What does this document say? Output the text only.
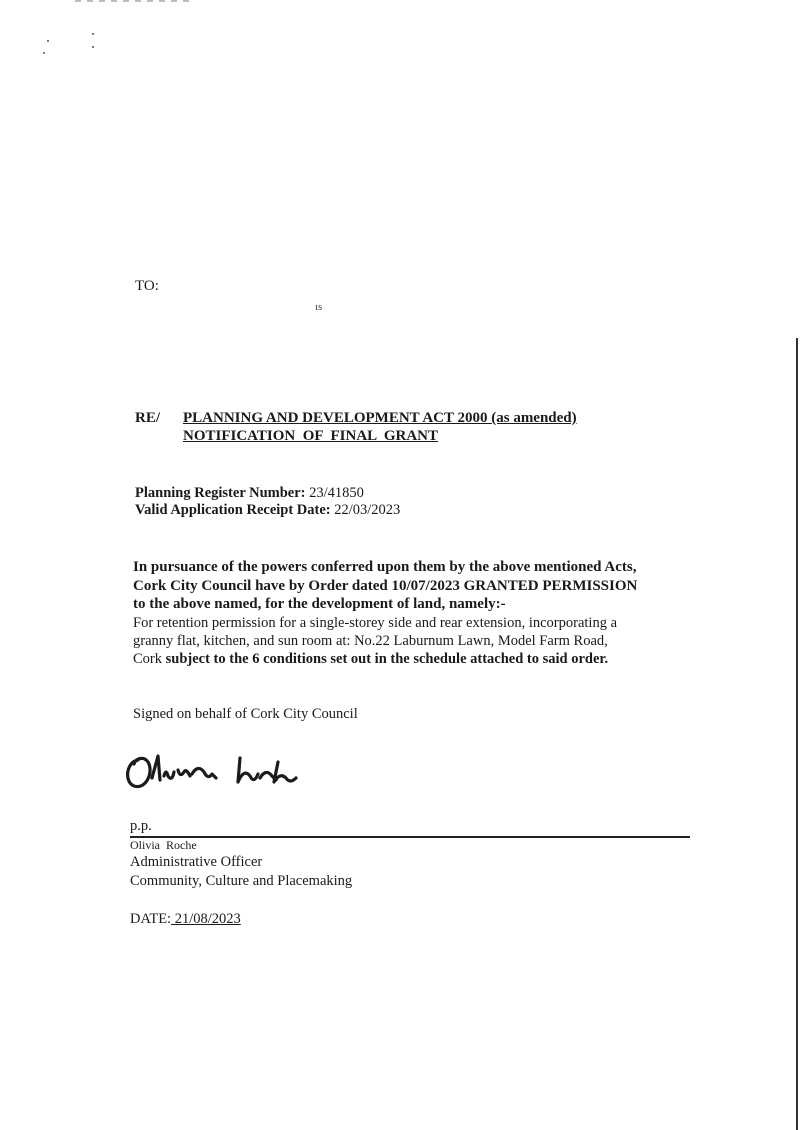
TO:
ıs
RE/ PLANNING AND DEVELOPMENT ACT 2000 (as amended)
NOTIFICATION  OF  FINAL  GRANT
Planning Register Number: 23/41850
Valid Application Receipt Date: 22/03/2023
In pursuance of the powers conferred upon them by the above mentioned Acts,
Cork City Council have by Order dated 10/07/2023 GRANTED PERMISSION
to the above named, for the development of land, namely:-
For retention permission for a single-storey side and rear extension, incorporating a
granny flat, kitchen, and sun room at: No.22 Laburnum Lawn, Model Farm Road,
Cork subject to the 6 conditions set out in the schedule attached to said order.
Signed on behalf of Cork City Council
p.p.
Olivia  Roche
Administrative Officer
Community, Culture and Placemaking
DATE: 21/08/2023
